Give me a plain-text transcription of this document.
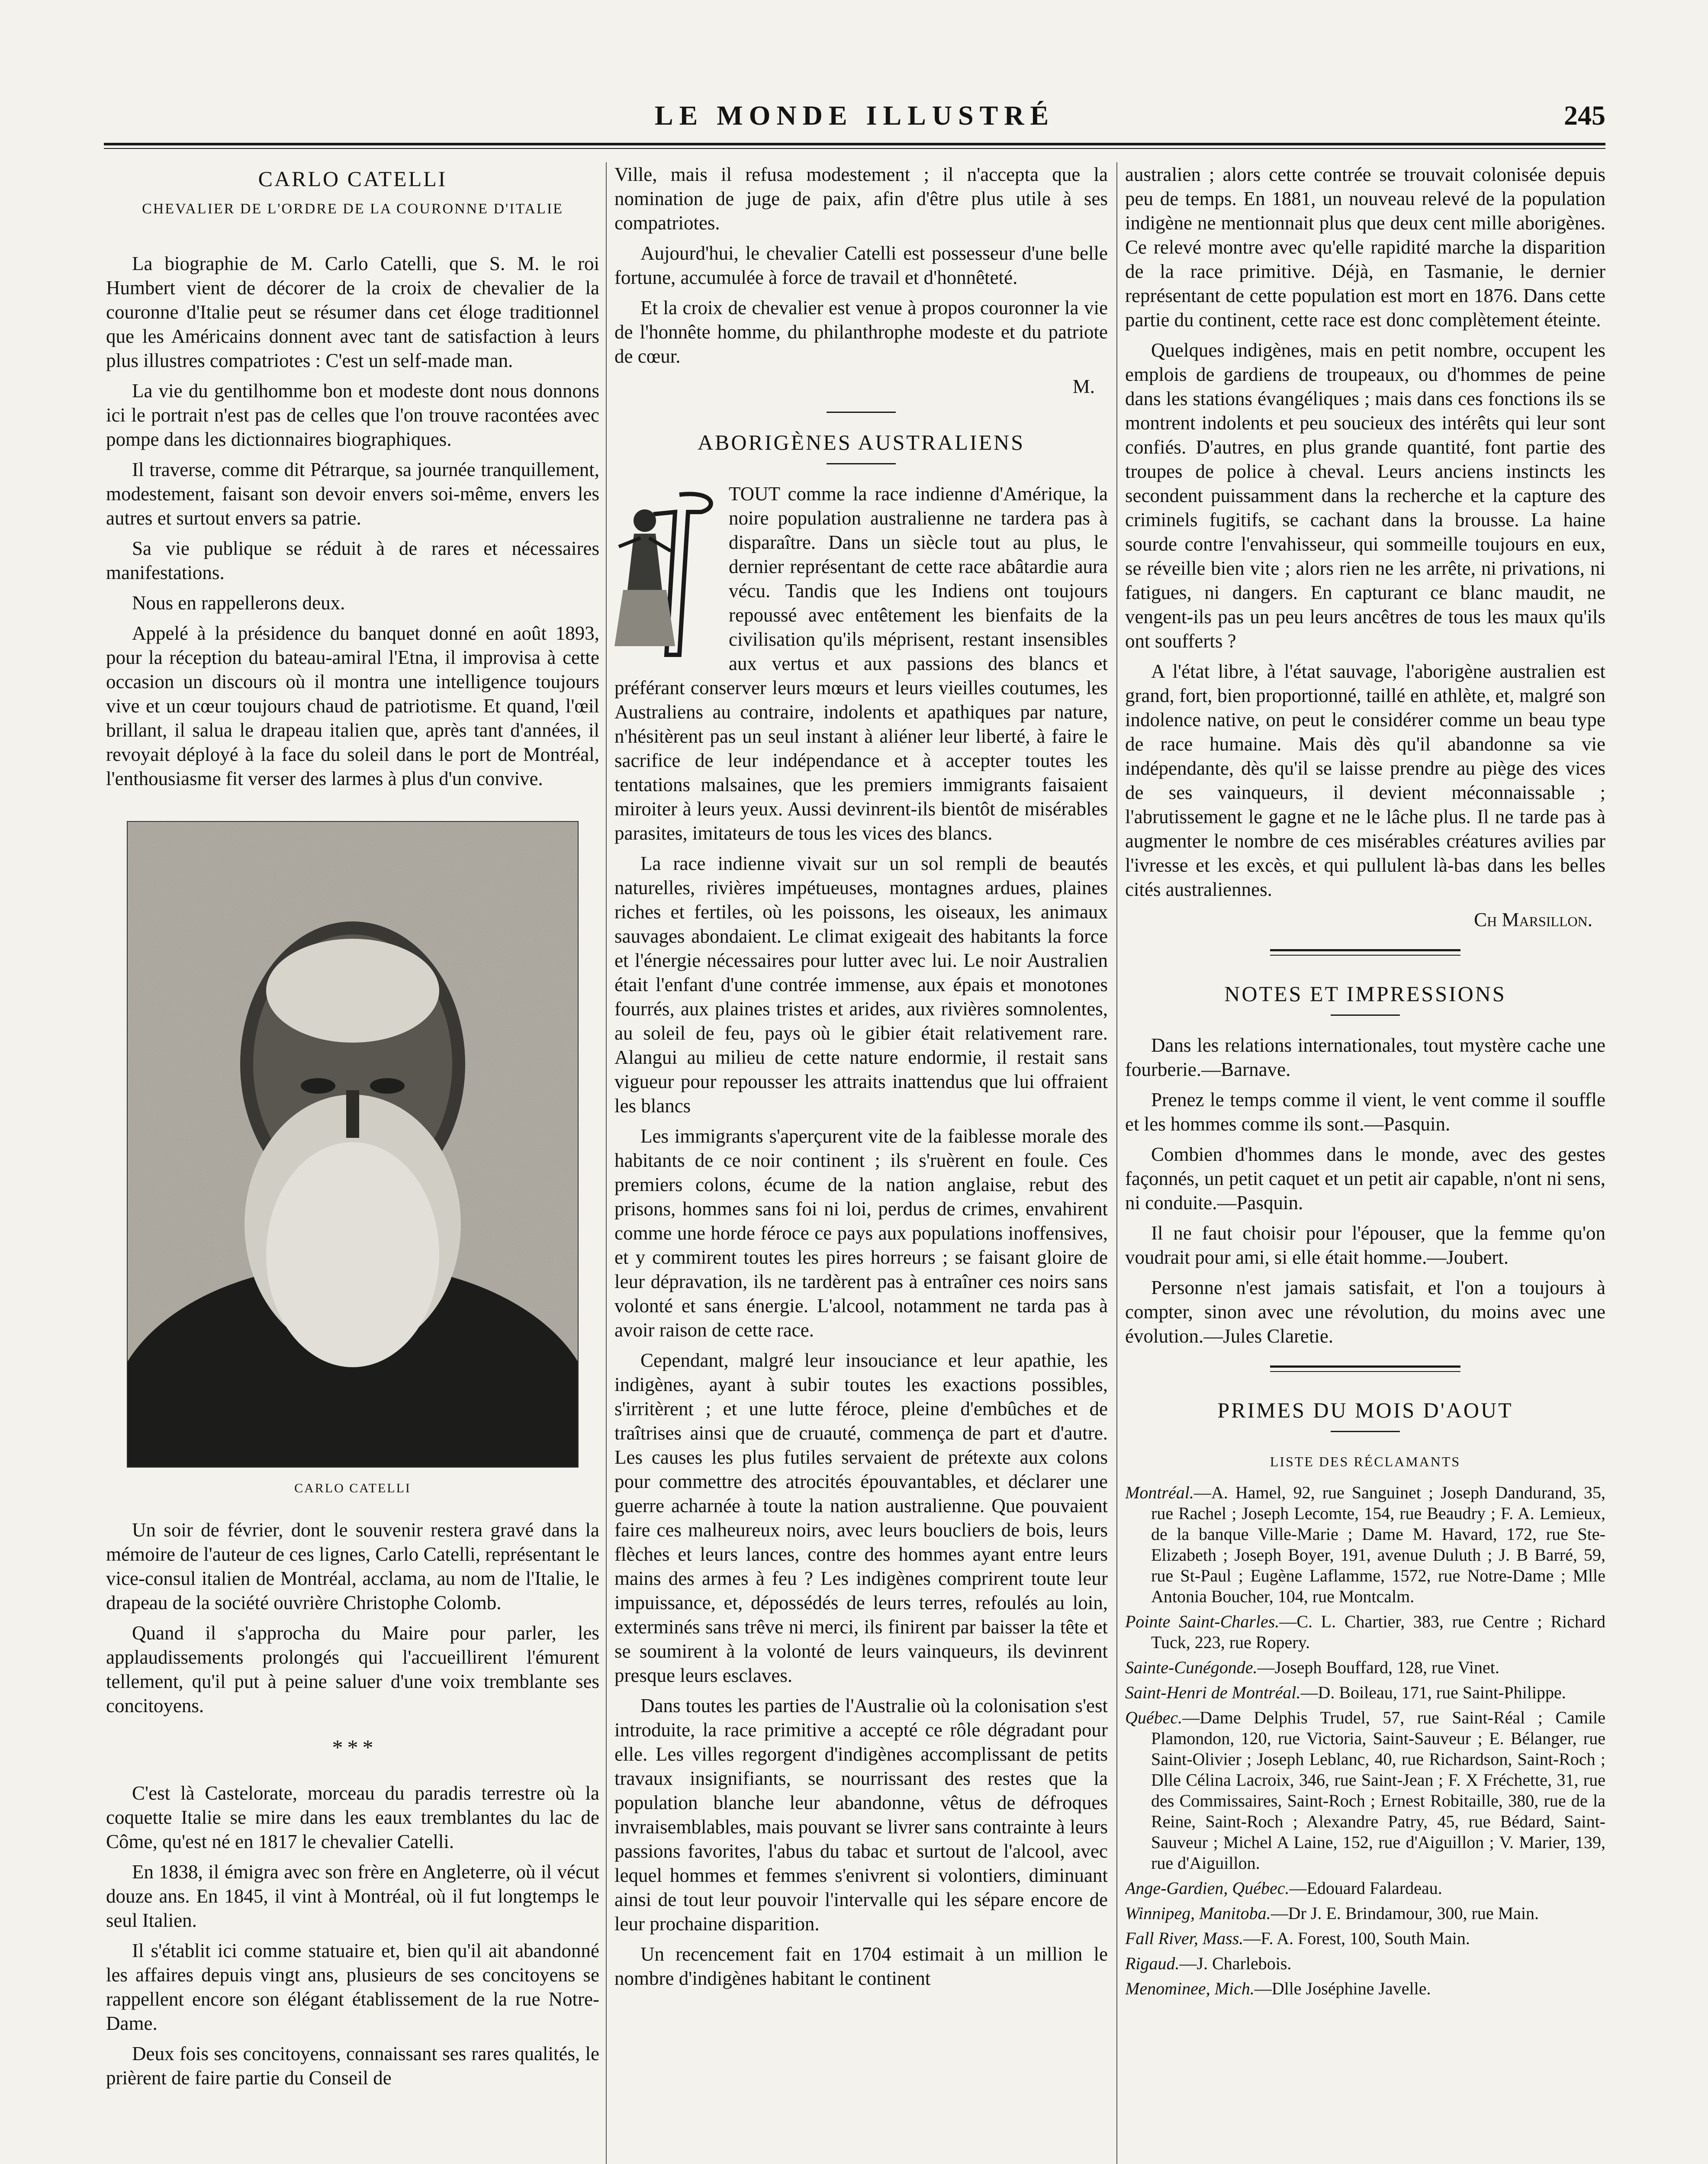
LE MONDE ILLUSTRÉ	245
CARLO CATELLI
CHEVALIER DE L'ORDRE DE LA COURONNE D'ITALIE

La biographie de M. Carlo Catelli, que S. M. le roi Humbert vient de décorer de la croix de chevalier de la couronne d'Italie peut se résumer dans cet éloge traditionnel que les Américains donnent avec tant de satisfaction à leurs plus illustres compatriotes : C'est un self-made man.

La vie du gentilhomme bon et modeste dont nous donnons ici le portrait n'est pas de celles que l'on trouve racontées avec pompe dans les dictionnaires biographiques.

Il traverse, comme dit Pétrarque, sa journée tranquillement, modestement, faisant son devoir envers soi-même, envers les autres et surtout envers sa patrie.

Sa vie publique se réduit à de rares et nécessaires manifestations.

Nous en rappellerons deux.

Appelé à la présidence du banquet donné en août 1893, pour la réception du bateau-amiral l'Etna, il improvisa à cette occasion un discours où il montra une intelligence toujours vive et un cœur toujours chaud de patriotisme. Et quand, l'œil brillant, il salua le drapeau italien que, après tant d'années, il revoyait déployé à la face du soleil dans le port de Montréal, l'enthousiasme fit verser des larmes à plus d'un convive.

CARLO CATELLI

Un soir de février, dont le souvenir restera gravé dans la mémoire de l'auteur de ces lignes, Carlo Catelli, représentant le vice-consul italien de Montréal, acclama, au nom de l'Italie, le drapeau de la société ouvrière Christophe Colomb.

Quand il s'approcha du Maire pour parler, les applaudissements prolongés qui l'accueillirent l'émurent tellement, qu'il put à peine saluer d'une voix tremblante ses concitoyens.

* * *

C'est là Castelorate, morceau du paradis terrestre où la coquette Italie se mire dans les eaux tremblantes du lac de Côme, qu'est né en 1817 le chevalier Catelli.

En 1838, il émigra avec son frère en Angleterre, où il vécut douze ans. En 1845, il vint à Montréal, où il fut longtemps le seul Italien.

Il s'établit ici comme statuaire et, bien qu'il ait abandonné les affaires depuis vingt ans, plusieurs de ses concitoyens se rappellent encore son élégant établissement de la rue Notre-Dame.

Deux fois ses concitoyens, connaissant ses rares qualités, le prièrent de faire partie du Conseil de

Ville, mais il refusa modestement ; il n'accepta que la nomination de juge de paix, afin d'être plus utile à ses compatriotes.

Aujourd'hui, le chevalier Catelli est possesseur d'une belle fortune, accumulée à force de travail et d'honnêteté.

Et la croix de chevalier est venue à propos couronner la vie de l'honnête homme, du philanthrophe modeste et du patriote de cœur.

M.
ABORIGÈNES AUSTRALIENS

TOUT comme la race indienne d'Amérique, la noire population australienne ne tardera pas à disparaître. Dans un siècle tout au plus, le dernier représentant de cette race abâtardie aura vécu. Tandis que les Indiens ont toujours repoussé avec entêtement les bienfaits de la civilisation qu'ils méprisent, restant insensibles aux vertus et aux passions des blancs et préférant conserver leurs mœurs et leurs vieilles coutumes, les Australiens au contraire, indolents et apathiques par nature, n'hésitèrent pas un seul instant à aliéner leur liberté, à faire le sacrifice de leur indépendance et à accepter toutes les tentations malsaines, que les premiers immigrants faisaient miroiter à leurs yeux. Aussi devinrent-ils bientôt de misérables parasites, imitateurs de tous les vices des blancs.

La race indienne vivait sur un sol rempli de beautés naturelles, rivières impétueuses, montagnes ardues, plaines riches et fertiles, où les poissons, les oiseaux, les animaux sauvages abondaient. Le climat exigeait des habitants la force et l'énergie nécessaires pour lutter avec lui. Le noir Australien était l'enfant d'une contrée immense, aux épais et monotones fourrés, aux plaines tristes et arides, aux rivières somnolentes, au soleil de feu, pays où le gibier était relativement rare. Alangui au milieu de cette nature endormie, il restait sans vigueur pour repousser les attraits inattendus que lui offraient les blancs

Les immigrants s'aperçurent vite de la faiblesse morale des habitants de ce noir continent ; ils s'ruèrent en foule. Ces premiers colons, écume de la nation anglaise, rebut des prisons, hommes sans foi ni loi, perdus de crimes, envahirent comme une horde féroce ce pays aux populations inoffensives, et y commirent toutes les pires horreurs ; se faisant gloire de leur dépravation, ils ne tardèrent pas à entraîner ces noirs sans volonté et sans énergie. L'alcool, notamment ne tarda pas à avoir raison de cette race.

Cependant, malgré leur insouciance et leur apathie, les indigènes, ayant à subir toutes les exactions possibles, s'irritèrent ; et une lutte féroce, pleine d'embûches et de traîtrises ainsi que de cruauté, commença de part et d'autre. Les causes les plus futiles servaient de prétexte aux colons pour commettre des atrocités épouvantables, et déclarer une guerre acharnée à toute la nation australienne. Que pouvaient faire ces malheureux noirs, avec leurs boucliers de bois, leurs flèches et leurs lances, contre des hommes ayant entre leurs mains des armes à feu ? Les indigènes comprirent toute leur impuissance, et, dépossédés de leurs terres, refoulés au loin, exterminés sans trêve ni merci, ils finirent par baisser la tête et se soumirent à la volonté de leurs vainqueurs, ils devinrent presque leurs esclaves.

Dans toutes les parties de l'Australie où la colonisation s'est introduite, la race primitive a accepté ce rôle dégradant pour elle. Les villes regorgent d'indigènes accomplissant de petits travaux insignifiants, se nourrissant des restes que la population blanche leur abandonne, vêtus de défroques invraisemblables, mais pouvant se livrer sans contrainte à leurs passions favorites, l'abus du tabac et surtout de l'alcool, avec lequel hommes et femmes s'enivrent si volontiers, diminuant ainsi de tout leur pouvoir l'intervalle qui les sépare encore de leur prochaine disparition.

Un recencement fait en 1704 estimait à un million le nombre d'indigènes habitant le continent

australien ; alors cette contrée se trouvait colonisée depuis peu de temps. En 1881, un nouveau relevé de la population indigène ne mentionnait plus que deux cent mille aborigènes. Ce relevé montre avec qu'elle rapidité marche la disparition de la race primitive. Déjà, en Tasmanie, le dernier représentant de cette population est mort en 1876. Dans cette partie du continent, cette race est donc complètement éteinte.

Quelques indigènes, mais en petit nombre, occupent les emplois de gardiens de troupeaux, ou d'hommes de peine dans les stations évangéliques ; mais dans ces fonctions ils se montrent indolents et peu soucieux des intérêts qui leur sont confiés. D'autres, en plus grande quantité, font partie des troupes de police à cheval. Leurs anciens instincts les secondent puissamment dans la recherche et la capture des criminels fugitifs, se cachant dans la brousse. La haine sourde contre l'envahisseur, qui sommeille toujours en eux, se réveille bien vite ; alors rien ne les arrête, ni privations, ni fatigues, ni dangers. En capturant ce blanc maudit, ne vengent-ils pas un peu leurs ancêtres de tous les maux qu'ils ont soufferts ?

A l'état libre, à l'état sauvage, l'aborigène australien est grand, fort, bien proportionné, taillé en athlète, et, malgré son indolence native, on peut le considérer comme un beau type de race humaine. Mais dès qu'il abandonne sa vie indépendante, dès qu'il se laisse prendre au piège des vices de ses vainqueurs, il devient méconnaissable ; l'abrutissement le gagne et ne le lâche plus. Il ne tarde pas à augmenter le nombre de ces misérables créatures avilies par l'ivresse et les excès, et qui pullulent là-bas dans les belles cités australiennes.

Ch Marsillon.
NOTES ET IMPRESSIONS

Dans les relations internationales, tout mystère cache une fourberie.—Barnave.

Prenez le temps comme il vient, le vent comme il souffle et les hommes comme ils sont.—Pasquin.

Combien d'hommes dans le monde, avec des gestes façonnés, un petit caquet et un petit air capable, n'ont ni sens, ni conduite.—Pasquin.

Il ne faut choisir pour l'épouser, que la femme qu'on voudrait pour ami, si elle était homme.—Joubert.

Personne n'est jamais satisfait, et l'on a toujours à compter, sinon avec une révolution, du moins avec une évolution.—Jules Claretie.

PRIMES DU MOIS D'AOUT
LISTE DES RÉCLAMANTS
Montréal.—A. Hamel, 92, rue Sanguinet ; Joseph Dandurand, 35, rue Rachel ; Joseph Lecomte, 154, rue Beaudry ; F. A. Lemieux, de la banque Ville-Marie ; Dame M. Havard, 172, rue Ste-Elizabeth ; Joseph Boyer, 191, avenue Duluth ; J. B Barré, 59, rue St-Paul ; Eugène Laflamme, 1572, rue Notre-Dame ; Mlle Antonia Boucher, 104, rue Montcalm.
Pointe Saint-Charles.—C. L. Chartier, 383, rue Centre ; Richard Tuck, 223, rue Ropery.
Sainte-Cunégonde.—Joseph Bouffard, 128, rue Vinet.
Saint-Henri de Montréal.—D. Boileau, 171, rue Saint-Philippe.
Québec.—Dame Delphis Trudel, 57, rue Saint-Réal ; Camile Plamondon, 120, rue Victoria, Saint-Sauveur ; E. Bélanger, rue Saint-Olivier ; Joseph Leblanc, 40, rue Richardson, Saint-Roch ; Dlle Célina Lacroix, 346, rue Saint-Jean ; F. X Fréchette, 31, rue des Commissaires, Saint-Roch ; Ernest Robitaille, 380, rue de la Reine, Saint-Roch ; Alexandre Patry, 45, rue Bédard, Saint-Sauveur ; Michel A Laine, 152, rue d'Aiguillon ; V. Marier, 139, rue d'Aiguillon.
Ange-Gardien, Québec.—Edouard Falardeau.
Winnipeg, Manitoba.—Dr J. E. Brindamour, 300, rue Main.
Fall River, Mass.—F. A. Forest, 100, South Main.
Rigaud.—J. Charlebois.
Menominee, Mich.—Dlle Joséphine Javelle.
